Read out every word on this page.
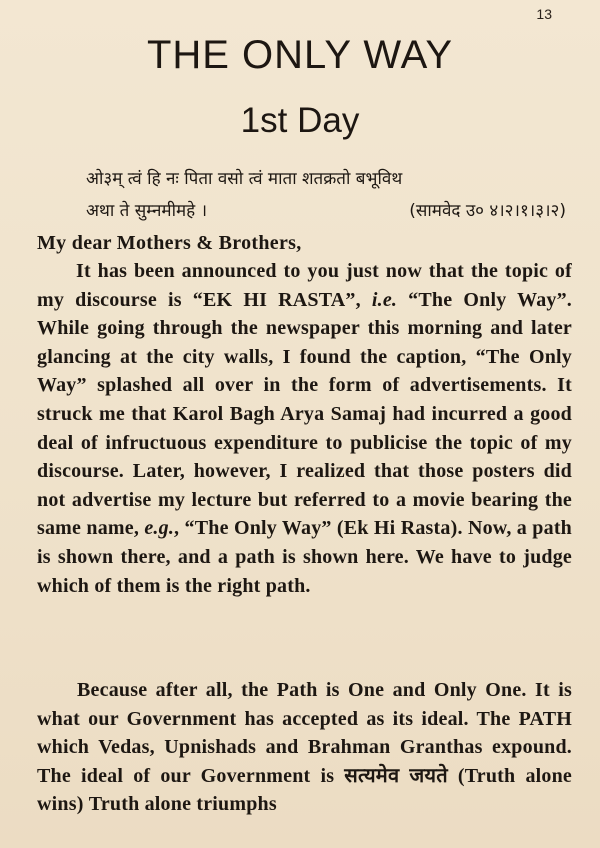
13
THE ONLY WAY
1st Day
ओ३म् त्वं हि नः पिता वसो त्वं माता शतक्रतो बभूविथ
अथा ते सुम्नमीमहे ।	(सामवेद उ० ४।२।१।३।२)

My dear Mothers & Brothers,

It has been announced to you just now that the topic of my discourse is “EK HI RASTA”, i.e. “The Only Way”. While going through the newspaper this morning and later glancing at the city walls, I found the caption, “The Only Way” splashed all over in the form of advertisements. It struck me that Karol Bagh Arya Samaj had incurred a good deal of infructuous expenditure to publicise the topic of my discourse. Later, however, I realized that those posters did not advertise my lecture but referred to a movie bearing the same name, e.g., “The Only Way” (Ek Hi Rasta). Now, a path is shown there, and a path is shown here. We have to judge which of them is the right path.

Because after all, the Path is One and Only One. It is what our Government has accepted as its ideal. The PATH which Vedas, Upnishads and Brahman Granthas expound. The ideal of our Government is सत्यमेव जयते (Truth alone wins) Truth alone triumphs
